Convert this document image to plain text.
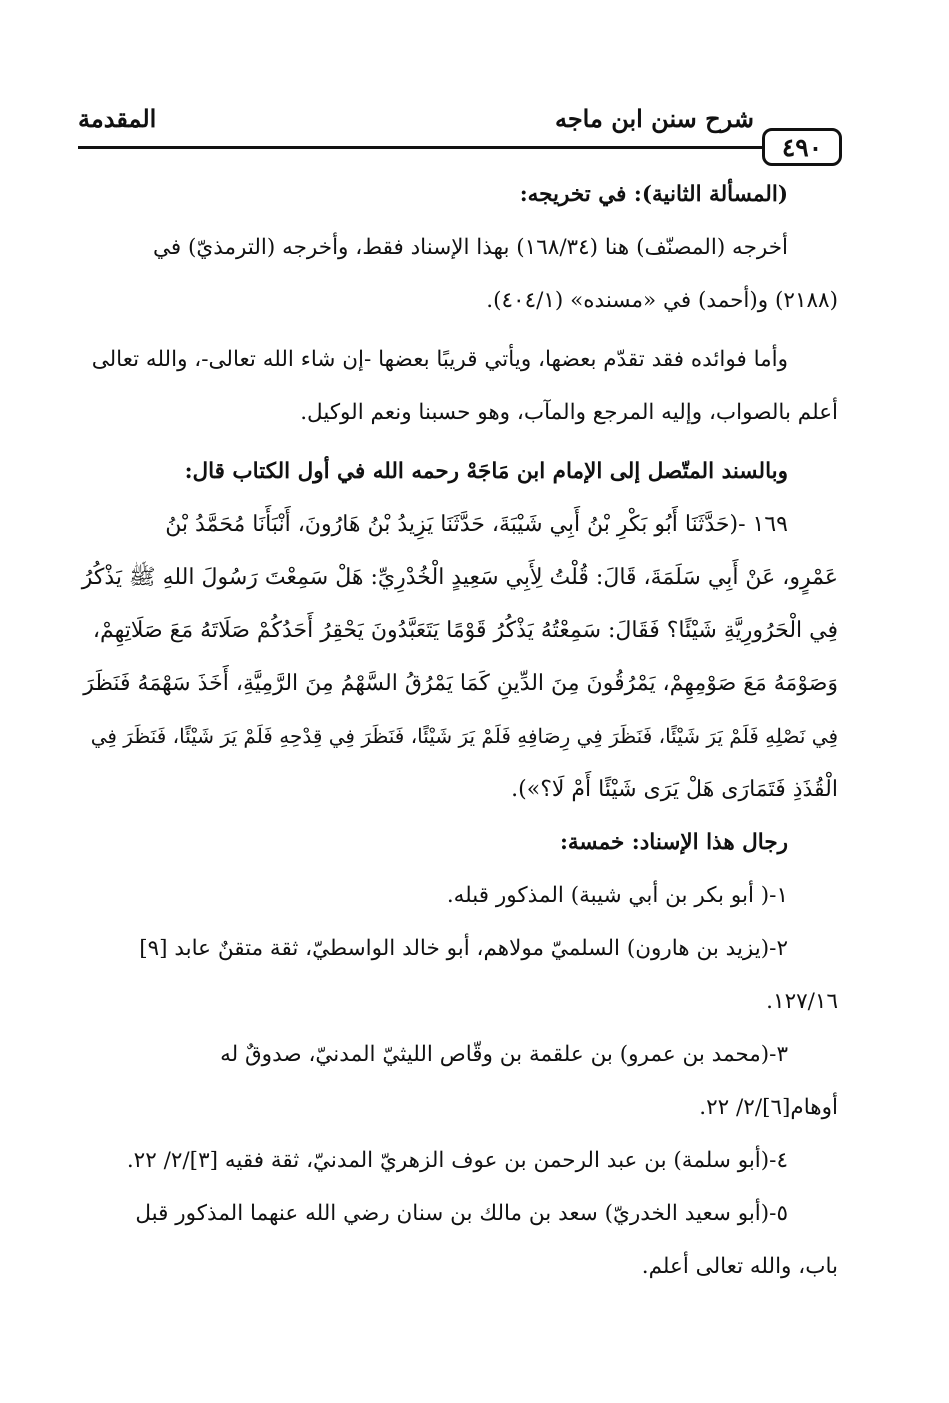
المقدمة	شرح سنن ابن ماجه
٤٩٠
(المسألة الثانية): في تخريجه:
أخرجه (المصنّف) هنا (١٦٨/٣٤) بهذا الإسناد فقط، وأخرجه (الترمذيّ) في
(٢١٨٨) و(أحمد) في «مسنده» (٤٠٤/١).
وأما فوائده فقد تقدّم بعضها، ويأتي قريبًا بعضها -إن شاء الله تعالى-، والله تعالى
أعلم بالصواب، وإليه المرجع والمآب، وهو حسبنا ونعم الوكيل.
وبالسند المتّصل إلى الإمام ابن مَاجَهْ رحمه الله في أول الكتاب قال:
١٦٩ -(حَدَّثَنَا أَبُو بَكْرِ بْنُ أَبِي شَيْبَةَ، حَدَّثَنَا يَزِيدُ بْنُ هَارُونَ، أَنْبَأَنَا مُحَمَّدُ بْنُ
عَمْرٍو، عَنْ أَبِي سَلَمَةَ، قَالَ: قُلْتُ لِأَبِي سَعِيدٍ الْخُدْرِيِّ: هَلْ سَمِعْتَ رَسُولَ اللهِ ﷺ يَذْكُرُ
فِي الْحَرُورِيَّةِ شَيْئًا؟ فَقَالَ: سَمِعْتُهُ يَذْكُرُ قَوْمًا يَتَعَبَّدُونَ يَحْقِرُ أَحَدُكُمْ صَلَاتَهُ مَعَ صَلَاتِهِمْ،
وَصَوْمَهُ مَعَ صَوْمِهِمْ، يَمْرُقُونَ مِنَ الدِّينِ كَمَا يَمْرُقُ السَّهْمُ مِنَ الرَّمِيَّةِ، أَخَذَ سَهْمَهُ فَنَظَرَ
فِي نَصْلِهِ فَلَمْ يَرَ شَيْئًا، فَنَظَرَ فِي رِصَافِهِ فَلَمْ يَرَ شَيْئًا، فَنَظَرَ فِي قِدْحِهِ فَلَمْ يَرَ شَيْئًا، فَنَظَرَ فِي
الْقُذَذِ فَتَمَارَى هَلْ يَرَى شَيْئًا أَمْ لَا؟»).
رجال هذا الإسناد: خمسة:
١-( أبو بكر بن أبي شيبة) المذكور قبله.
٢-(يزيد بن هارون) السلميّ مولاهم، أبو خالد الواسطيّ، ثقة متقنٌ عابد [٩]
١٢٧/١٦.
٣-(محمد بن عمرو) بن علقمة بن وقّاص الليثيّ المدنيّ، صدوقٌ له
أوهام[٦]/٢/ ٢٢.
٤-(أبو سلمة) بن عبد الرحمن بن عوف الزهريّ المدنيّ، ثقة فقيه [٣]/٢/ ٢٢.
٥-(أبو سعيد الخدريّ) سعد بن مالك بن سنان رضي الله عنهما المذكور قبل
باب، والله تعالى أعلم.
